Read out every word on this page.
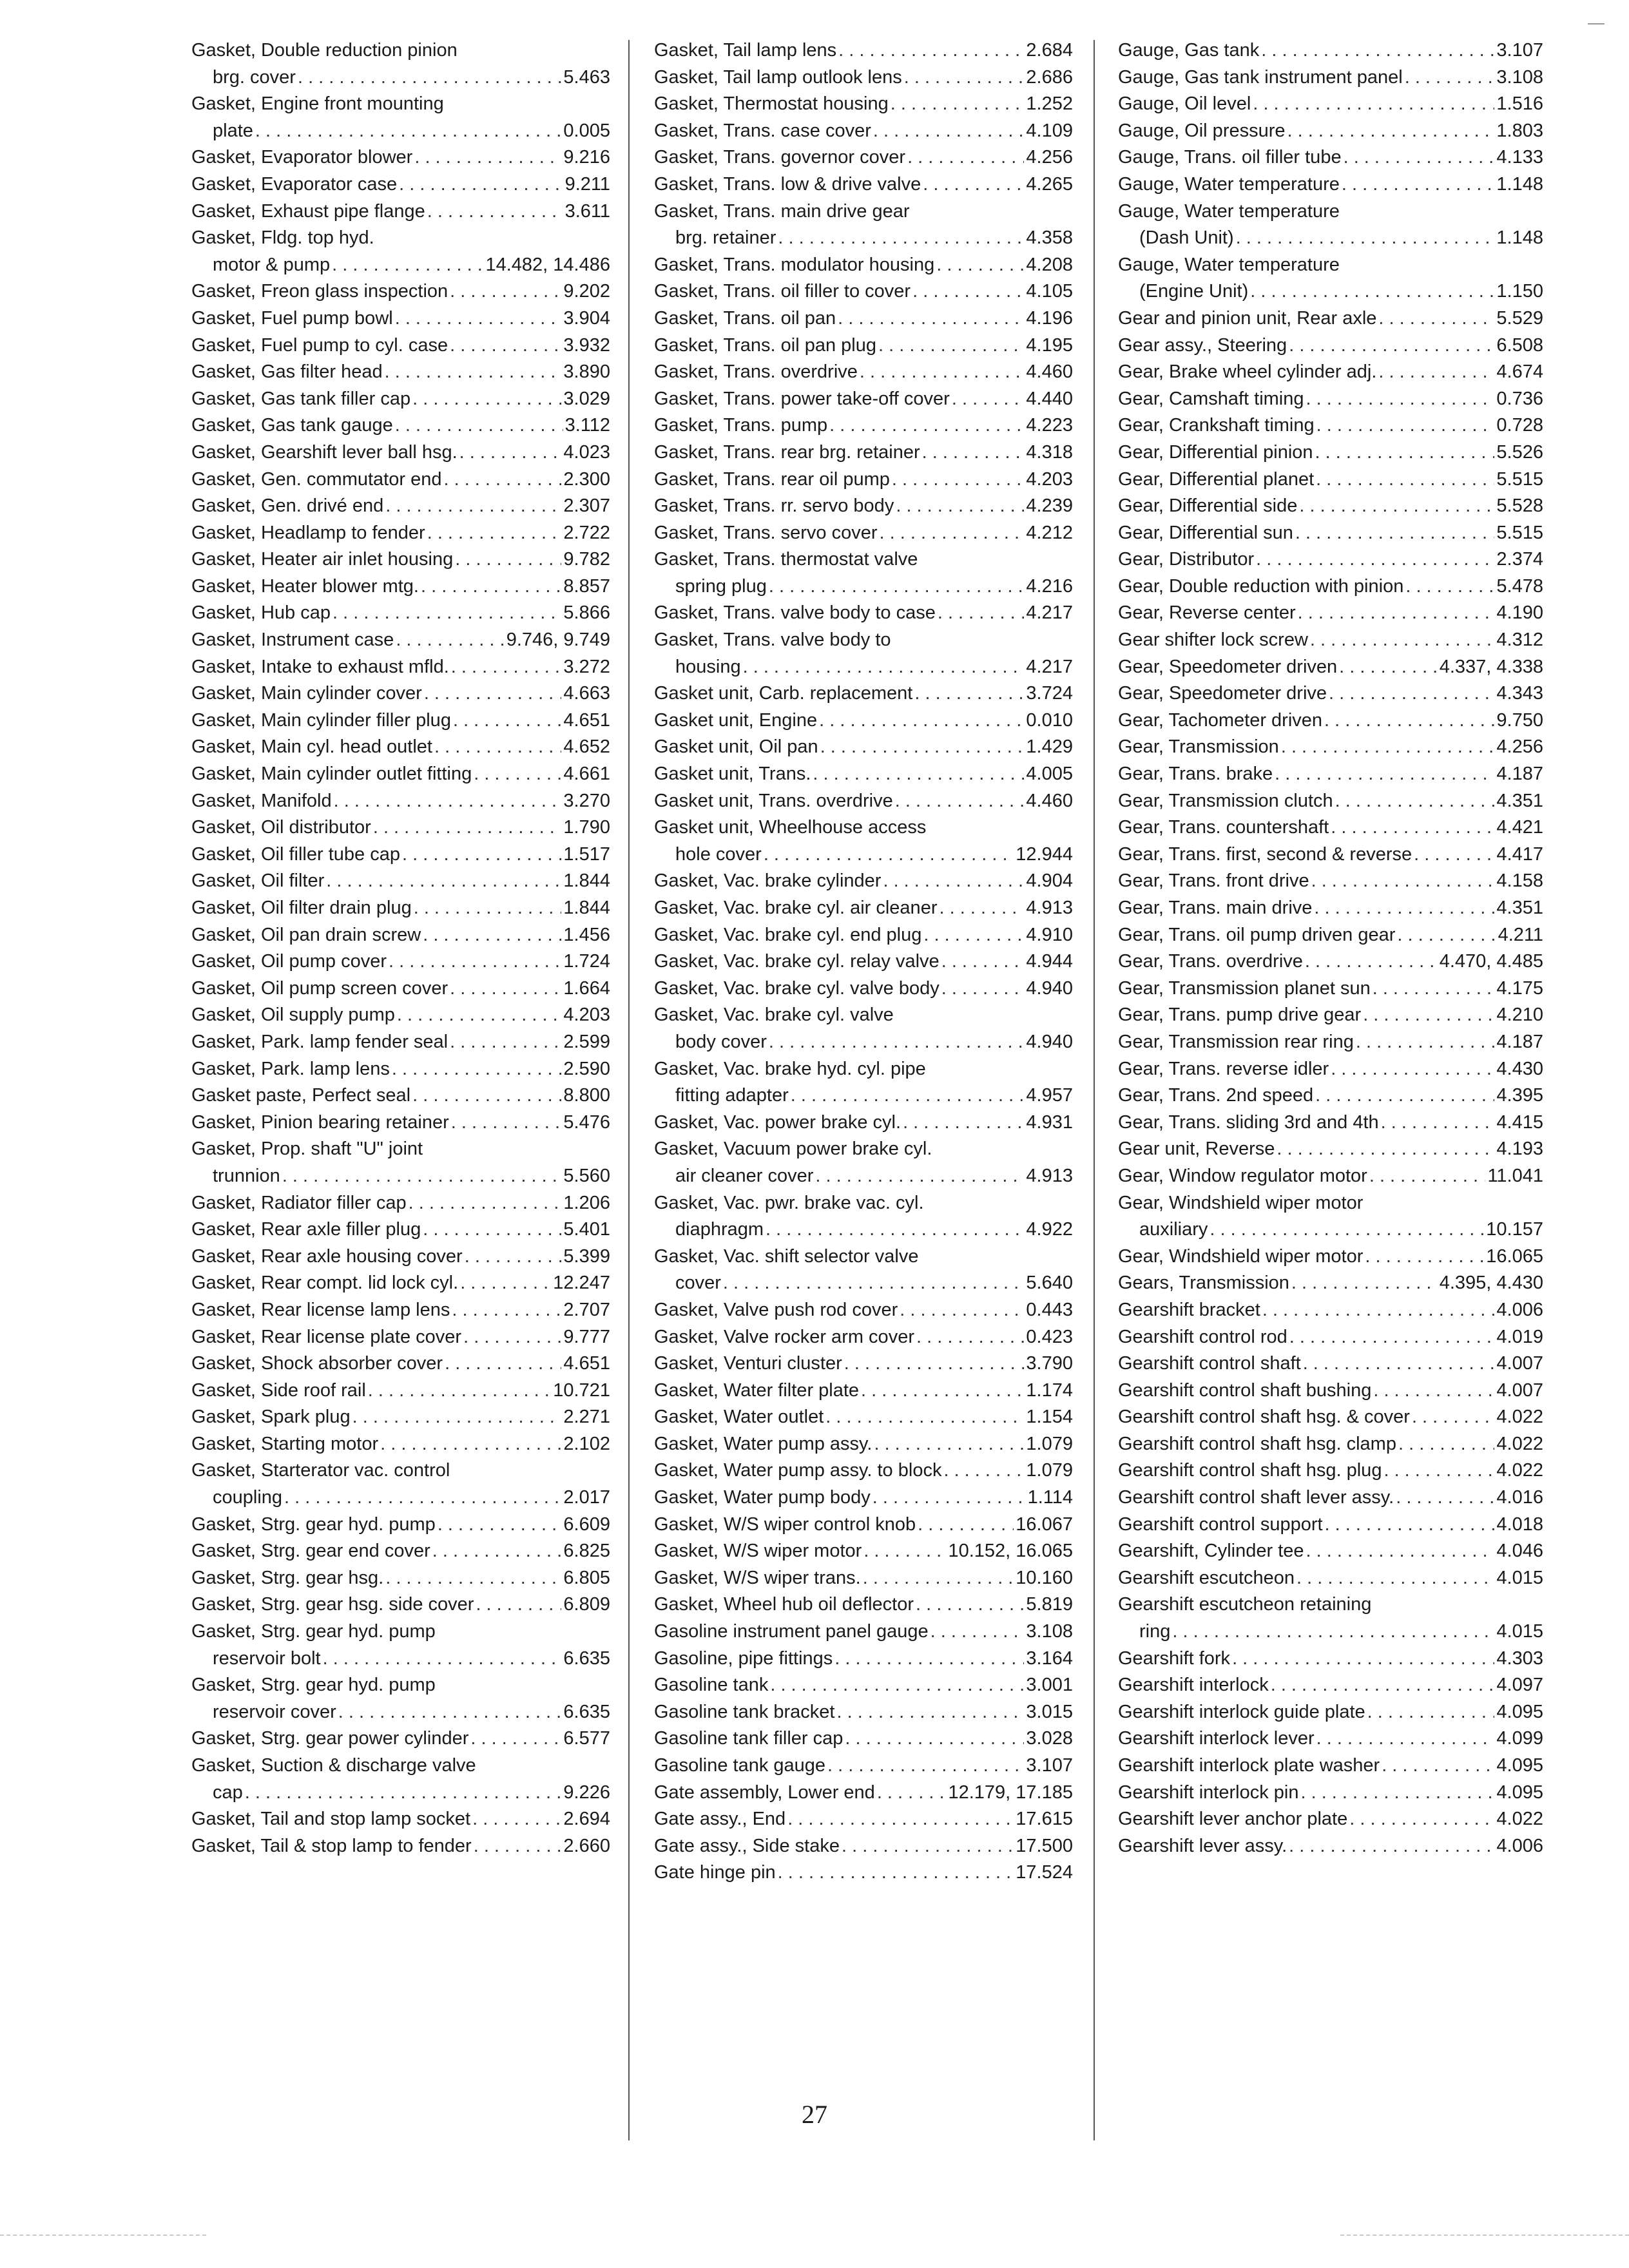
Gasket, Double reduction pinion
brg. cover . . .	5.463
Gasket, Engine front mounting
plate . . .	0.005
Gasket, Evaporator blower . . .	9.216
Gasket, Evaporator case . . .	9.211
Gasket, Exhaust pipe flange . . .	3.611
Gasket, Fldg. top hyd.
motor & pump . . .	14.482, 14.486
Gasket, Freon glass inspection . . .	9.202
Gasket, Fuel pump bowl . . .	3.904
Gasket, Fuel pump to cyl. case . . .	3.932
Gasket, Gas filter head . . .	3.890
Gasket, Gas tank filler cap . . .	3.029
Gasket, Gas tank gauge . . .	3.112
Gasket, Gearshift lever ball hsg. . . .	4.023
Gasket, Gen. commutator end . . .	2.300
Gasket, Gen. drivé end . . .	2.307
Gasket, Headlamp to fender . . .	2.722
Gasket, Heater air inlet housing . . .	9.782
Gasket, Heater blower mtg. . . .	8.857
Gasket, Hub cap . . .	5.866
Gasket, Instrument case . . .	9.746, 9.749
Gasket, Intake to exhaust mfld. . . .	3.272
Gasket, Main cylinder cover . . .	4.663
Gasket, Main cylinder filler plug . . .	4.651
Gasket, Main cyl. head outlet . . .	4.652
Gasket, Main cylinder outlet fitting . . .	4.661
Gasket, Manifold . . .	3.270
Gasket, Oil distributor . . .	1.790
Gasket, Oil filler tube cap . . .	1.517
Gasket, Oil filter . . .	1.844
Gasket, Oil filter drain plug . . .	1.844
Gasket, Oil pan drain screw . . .	1.456
Gasket, Oil pump cover . . .	1.724
Gasket, Oil pump screen cover . . .	1.664
Gasket, Oil supply pump . . .	4.203
Gasket, Park. lamp fender seal . . .	2.599
Gasket, Park. lamp lens . . .	2.590
Gasket paste, Perfect seal . . .	8.800
Gasket, Pinion bearing retainer . . .	5.476
Gasket, Prop. shaft "U" joint
trunnion . . .	5.560
Gasket, Radiator filler cap . . .	1.206
Gasket, Rear axle filler plug . . .	5.401
Gasket, Rear axle housing cover . . .	5.399
Gasket, Rear compt. lid lock cyl. . . .	12.247
Gasket, Rear license lamp lens . . .	2.707
Gasket, Rear license plate cover . . .	9.777
Gasket, Shock absorber cover . . .	4.651
Gasket, Side roof rail . . .	10.721
Gasket, Spark plug . . .	2.271
Gasket, Starting motor . . .	2.102
Gasket, Starterator vac. control
coupling . . .	2.017
Gasket, Strg. gear hyd. pump . . .	6.609
Gasket, Strg. gear end cover . . .	6.825
Gasket, Strg. gear hsg. . . .	6.805
Gasket, Strg. gear hsg. side cover . . .	6.809
Gasket, Strg. gear hyd. pump
reservoir bolt . . .	6.635
Gasket, Strg. gear hyd. pump
reservoir cover . . .	6.635
Gasket, Strg. gear power cylinder . . .	6.577
Gasket, Suction & discharge valve
cap . . .	9.226
Gasket, Tail and stop lamp socket . . .	2.694
Gasket, Tail & stop lamp to fender . . .	2.660
Gasket, Tail lamp lens . . .	2.684
Gasket, Tail lamp outlook lens . . .	2.686
Gasket, Thermostat housing . . .	1.252
Gasket, Trans. case cover . . .	4.109
Gasket, Trans. governor cover . . .	4.256
Gasket, Trans. low & drive valve . . .	4.265
Gasket, Trans. main drive gear
brg. retainer . . .	4.358
Gasket, Trans. modulator housing . . .	4.208
Gasket, Trans. oil filler to cover . . .	4.105
Gasket, Trans. oil pan . . .	4.196
Gasket, Trans. oil pan plug . . .	4.195
Gasket, Trans. overdrive . . .	4.460
Gasket, Trans. power take-off cover . . .	4.440
Gasket, Trans. pump . . .	4.223
Gasket, Trans. rear brg. retainer . . .	4.318
Gasket, Trans. rear oil pump . . .	4.203
Gasket, Trans. rr. servo body . . .	4.239
Gasket, Trans. servo cover . . .	4.212
Gasket, Trans. thermostat valve
spring plug . . .	4.216
Gasket, Trans. valve body to case . . .	4.217
Gasket, Trans. valve body to
housing . . .	4.217
Gasket unit, Carb. replacement . . .	3.724
Gasket unit, Engine . . .	0.010
Gasket unit, Oil pan . . .	1.429
Gasket unit, Trans. . . .	4.005
Gasket unit, Trans. overdrive . . .	4.460
Gasket unit, Wheelhouse access
hole cover . . .	12.944
Gasket, Vac. brake cylinder . . .	4.904
Gasket, Vac. brake cyl. air cleaner . . .	4.913
Gasket, Vac. brake cyl. end plug . . .	4.910
Gasket, Vac. brake cyl. relay valve . . .	4.944
Gasket, Vac. brake cyl. valve body . . .	4.940
Gasket, Vac. brake cyl. valve
body cover . . .	4.940
Gasket, Vac. brake hyd. cyl. pipe
fitting adapter . . .	4.957
Gasket, Vac. power brake cyl. . . .	4.931
Gasket, Vacuum power brake cyl.
air cleaner cover . . .	4.913
Gasket, Vac. pwr. brake vac. cyl.
diaphragm . . .	4.922
Gasket, Vac. shift selector valve
cover . . .	5.640
Gasket, Valve push rod cover . . .	0.443
Gasket, Valve rocker arm cover . . .	0.423
Gasket, Venturi cluster . . .	3.790
Gasket, Water filter plate . . .	1.174
Gasket, Water outlet . . .	1.154
Gasket, Water pump assy. . . .	1.079
Gasket, Water pump assy. to block . . .	1.079
Gasket, Water pump body . . .	1.114
Gasket, W/S wiper control knob . . .	16.067
Gasket, W/S wiper motor . . .	10.152, 16.065
Gasket, W/S wiper trans. . . .	10.160
Gasket, Wheel hub oil deflector . . .	5.819
Gasoline instrument panel gauge . . .	3.108
Gasoline, pipe fittings . . .	3.164
Gasoline tank . . .	3.001
Gasoline tank bracket . . .	3.015
Gasoline tank filler cap . . .	3.028
Gasoline tank gauge . . .	3.107
Gate assembly, Lower end . . .	12.179, 17.185
Gate assy., End . . .	17.615
Gate assy., Side stake . . .	17.500
Gate hinge pin . . .	17.524
Gauge, Gas tank . . .	3.107
Gauge, Gas tank instrument panel . . .	3.108
Gauge, Oil level . . .	1.516
Gauge, Oil pressure . . .	1.803
Gauge, Trans. oil filler tube . . .	4.133
Gauge, Water temperature . . .	1.148
Gauge, Water temperature
(Dash Unit) . . .	1.148
Gauge, Water temperature
(Engine Unit) . . .	1.150
Gear and pinion unit, Rear axle . . .	5.529
Gear assy., Steering . . .	6.508
Gear, Brake wheel cylinder adj. . . .	4.674
Gear, Camshaft timing . . .	0.736
Gear, Crankshaft timing . . .	0.728
Gear, Differential pinion . . .	5.526
Gear, Differential planet . . .	5.515
Gear, Differential side . . .	5.528
Gear, Differential sun . . .	5.515
Gear, Distributor . . .	2.374
Gear, Double reduction with pinion . . .	5.478
Gear, Reverse center . . .	4.190
Gear shifter lock screw . . .	4.312
Gear, Speedometer driven . . .	4.337, 4.338
Gear, Speedometer drive . . .	4.343
Gear, Tachometer driven . . .	9.750
Gear, Transmission . . .	4.256
Gear, Trans. brake . . .	4.187
Gear, Transmission clutch . . .	4.351
Gear, Trans. countershaft . . .	4.421
Gear, Trans. first, second & reverse . . .	4.417
Gear, Trans. front drive . . .	4.158
Gear, Trans. main drive . . .	4.351
Gear, Trans. oil pump driven gear . . .	4.211
Gear, Trans. overdrive . . .	4.470, 4.485
Gear, Transmission planet sun . . .	4.175
Gear, Trans. pump drive gear . . .	4.210
Gear, Transmission rear ring . . .	4.187
Gear, Trans. reverse idler . . .	4.430
Gear, Trans. 2nd speed . . .	4.395
Gear, Trans. sliding 3rd and 4th . . .	4.415
Gear unit, Reverse . . .	4.193
Gear, Window regulator motor . . .	11.041
Gear, Windshield wiper motor
auxiliary . . .	10.157
Gear, Windshield wiper motor . . .	16.065
Gears, Transmission . . .	4.395, 4.430
Gearshift bracket . . .	4.006
Gearshift control rod . . .	4.019
Gearshift control shaft . . .	4.007
Gearshift control shaft bushing . . .	4.007
Gearshift control shaft hsg. & cover . . .	4.022
Gearshift control shaft hsg. clamp . . .	4.022
Gearshift control shaft hsg. plug . . .	4.022
Gearshift control shaft lever assy. . . .	4.016
Gearshift control support . . .	4.018
Gearshift, Cylinder tee . . .	4.046
Gearshift escutcheon . . .	4.015
Gearshift escutcheon retaining
ring . . .	4.015
Gearshift fork . . .	4.303
Gearshift interlock . . .	4.097
Gearshift interlock guide plate . . .	4.095
Gearshift interlock lever . . .	4.099
Gearshift interlock plate washer . . .	4.095
Gearshift interlock pin . . .	4.095
Gearshift lever anchor plate . . .	4.022
Gearshift lever assy. . . .	4.006
27
